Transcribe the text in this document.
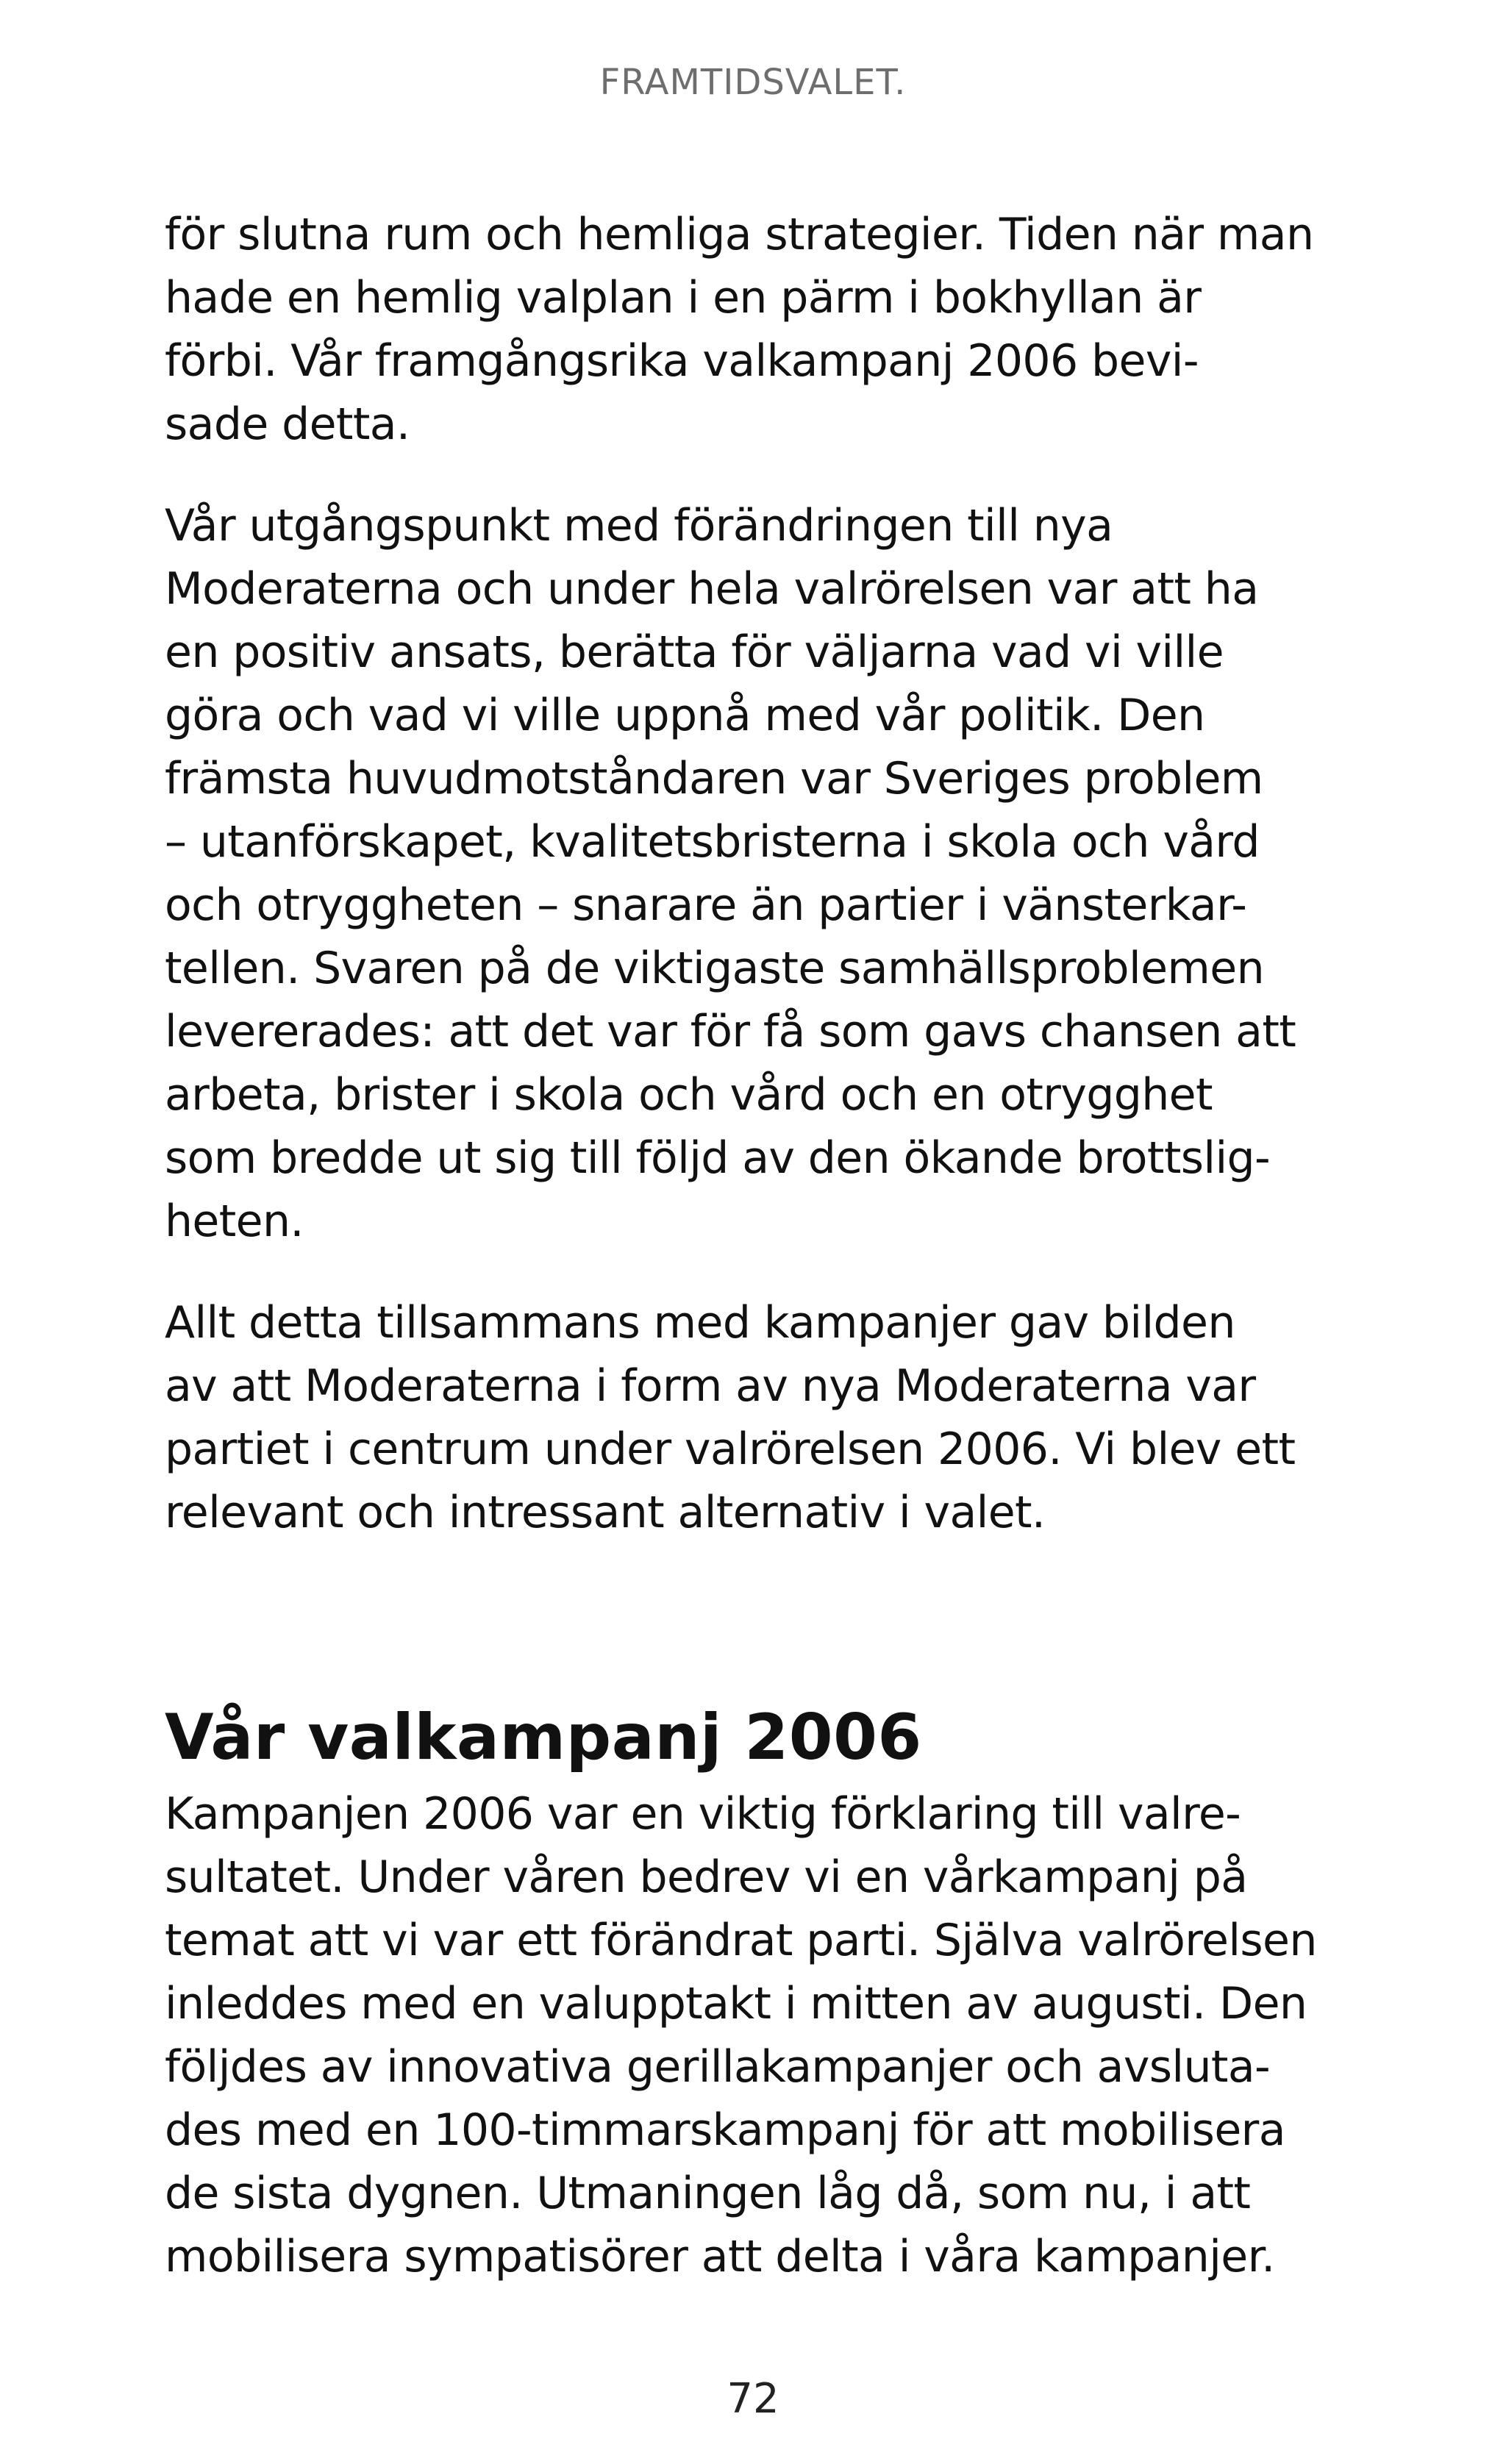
FRAMTIDSVALET.

för slutna rum och hemliga strategier. Tiden när man
hade en hemlig valplan i en pärm i bokhyllan är
förbi. Vår framgångsrika valkampanj 2006 bevi-
sade detta.

Vår utgångspunkt med förändringen till nya
Moderaterna och under hela valrörelsen var att ha
en positiv ansats, berätta för väljarna vad vi ville
göra och vad vi ville uppnå med vår politik. Den
främsta huvudmotståndaren var Sveriges problem
– utanförskapet, kvalitetsbristerna i skola och vård
och otryggheten – snarare än partier i vänsterkar-
tellen. Svaren på de viktigaste samhällsproblemen
levererades: att det var för få som gavs chansen att
arbeta, brister i skola och vård och en otrygghet
som bredde ut sig till följd av den ökande brottslig-
heten.

Allt detta tillsammans med kampanjer gav bilden
av att Moderaterna i form av nya Moderaterna var
partiet i centrum under valrörelsen 2006. Vi blev ett
relevant och intressant alternativ i valet.

Vår valkampanj 2006

Kampanjen 2006 var en viktig förklaring till valre-
sultatet. Under våren bedrev vi en vårkampanj på
temat att vi var ett förändrat parti. Själva valrörelsen
inleddes med en valupptakt i mitten av augusti. Den
följdes av innovativa gerillakampanjer och avsluta-
des med en 100-timmarskampanj för att mobilisera
de sista dygnen. Utmaningen låg då, som nu, i att
mobilisera sympatisörer att delta i våra kampanjer.

72
